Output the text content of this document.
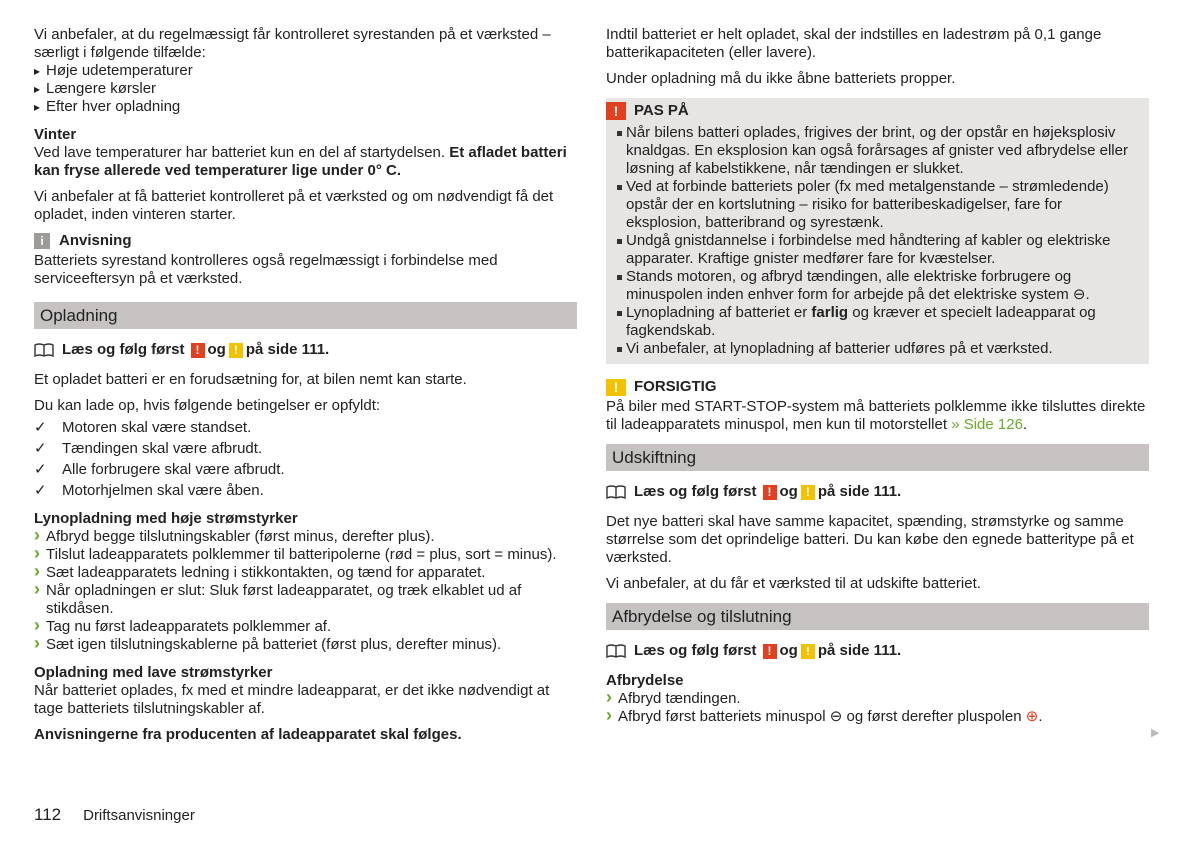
Vi anbefaler, at du regelmæssigt får kontrolleret syrestanden på et værksted – særligt i følgende tilfælde:

▸ Høje udetemperaturer
▸ Længere kørsler
▸ Efter hver opladning
Vinter

Ved lave temperaturer har batteriet kun en del af startydelsen. Et afladet batteri kan fryse allerede ved temperaturer lige under 0° C.

Vi anbefaler at få batteriet kontrolleret på et værksted og om nødvendigt få det opladet, inden vinteren starter.

i	Anvisning

Batteriets syrestand kontrolleres også regelmæssigt i forbindelse med serviceeftersyn på et værksted.

Opladning
Læs og følg først ! og ! på side 111.

Et opladet batteri er en forudsætning for, at bilen nemt kan starte.

Du kan lade op, hvis følgende betingelser er opfyldt:

✓ Motoren skal være standset.
✓ Tændingen skal være afbrudt.
✓ Alle forbrugere skal være afbrudt.
✓ Motorhjelmen skal være åben.
Lynopladning med høje strømstyrker
› Afbryd begge tilslutningskabler (først minus, derefter plus).
› Tilslut ladeapparatets polklemmer til batteripolerne (rød = plus, sort = minus).
› Sæt ladeapparatets ledning i stikkontakten, og tænd for apparatet.
› Når opladningen er slut: Sluk først ladeapparatet, og træk elkablet ud af stikdåsen.
› Tag nu først ladeapparatets polklemmer af.
› Sæt igen tilslutningskablerne på batteriet (først plus, derefter minus).
Opladning med lave strømstyrker

Når batteriet oplades, fx med et mindre ladeapparat, er det ikke nødvendigt at tage batteriets tilslutningskabler af.

Anvisningerne fra producenten af ladeapparatet skal følges.

Indtil batteriet er helt opladet, skal der indstilles en ladestrøm på 0,1 gange batterikapaciteten (eller lavere).

Under opladning må du ikke åbne batteriets propper.

!	PAS PÅ
Når bilens batteri oplades, frigives der brint, og der opstår en højeksplosiv knaldgas. En eksplosion kan også forårsages af gnister ved afbrydelse eller løsning af kabelstikkene, når tændingen er slukket.
Ved at forbinde batteriets poler (fx med metalgenstande – strømledende) opstår der en kortslutning – risiko for batteribeskadigelser, fare for eksplosion, batteribrand og syrestænk.
Undgå gnistdannelse i forbindelse med håndtering af kabler og elektriske apparater. Kraftige gnister medfører fare for kvæstelser.
Stands motoren, og afbryd tændingen, alle elektriske forbrugere og minuspolen inden enhver form for arbejde på det elektriske system ⊖.
Lynopladning af batteriet er farlig og kræver et specielt ladeapparat og fagkendskab.
Vi anbefaler, at lynopladning af batterier udføres på et værksted.
!	FORSIGTIG

På biler med START-STOP-system må batteriets polklemme ikke tilsluttes direkte til ladeapparatets minuspol, men kun til motorstellet » Side 126.

Udskiftning
Læs og følg først ! og ! på side 111.

Det nye batteri skal have samme kapacitet, spænding, strømstyrke og samme størrelse som det oprindelige batteri. Du kan købe den egnede batteritype på et værksted.

Vi anbefaler, at du får et værksted til at udskifte batteriet.

Afbrydelse og tilslutning
Læs og følg først ! og ! på side 111.
Afbrydelse
› Afbryd tændingen.
› Afbryd først batteriets minuspol ⊖ og først derefter pluspolen ⊕.
▶
112 Driftsanvisninger
